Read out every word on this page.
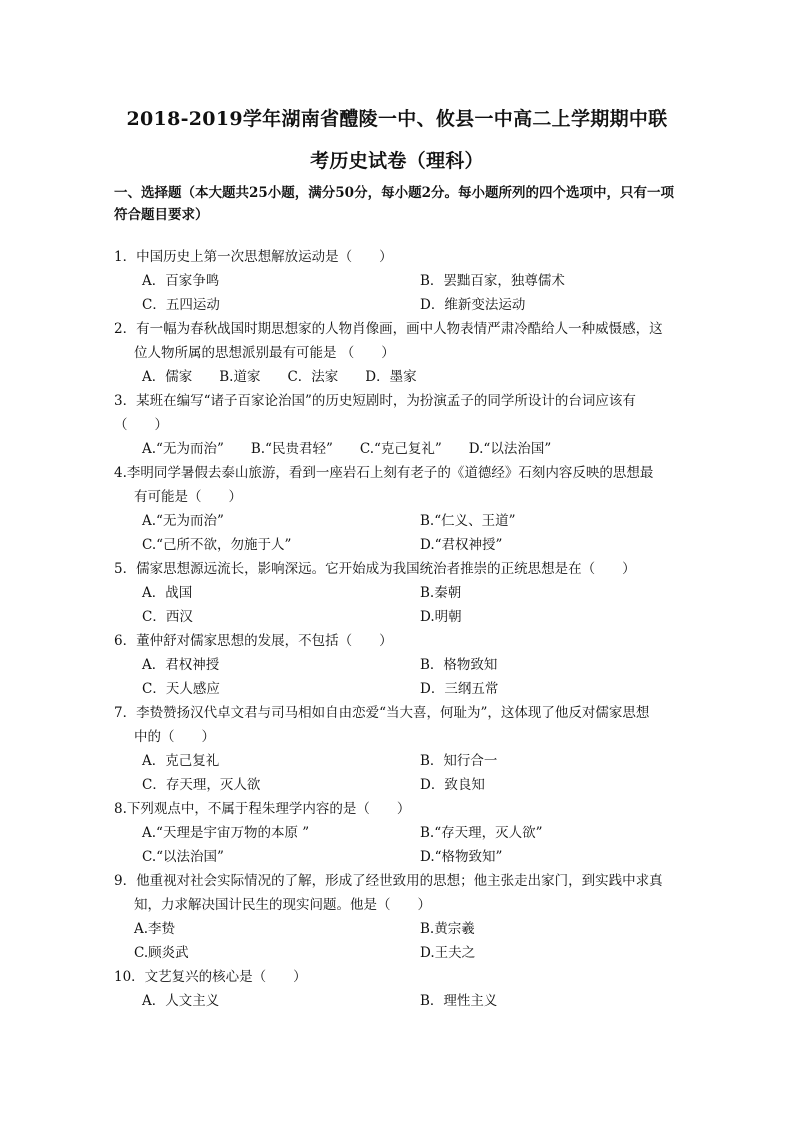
2018-2019学年湖南省醴陵一中、攸县一中高二上学期期中联
考历史试卷（理科）
一、选择题（本大题共25小题，满分50分，每小题2分。每小题所列的四个选项中，只有一项符合题目要求）
1．中国历史上第一次思想解放运动是（　　）
A．百家争鸣	B．罢黜百家，独尊儒术
C．五四运动	D．维新变法运动
2．有一幅为春秋战国时期思想家的人物肖像画，画中人物表情严肃冷酷给人一种威慑感，这
位人物所属的思想派别最有可能是 （　　）
A．儒家　　B.道家　　C．法家　　D．墨家
3．某班在编写“诸子百家论治国”的历史短剧时，为扮演孟子的同学所设计的台词应该有
（　　）
A.“无为而治”　　B.“民贵君轻”　　C.“克己复礼”　　D.“以法治国”
4.李明同学暑假去泰山旅游，看到一座岩石上刻有老子的《道德经》石刻内容反映的思想最
有可能是（　　）
A.“无为而治”	B.“仁义、王道”
C.“己所不欲，勿施于人”	D.“君权神授”
5．儒家思想源远流长，影响深远。它开始成为我国统治者推崇的正统思想是在（　　）
A．战国	B.秦朝
C．西汉	D.明朝
6．董仲舒对儒家思想的发展，不包括（　　）
A．君权神授	B．格物致知
C．天人感应	D．三纲五常
7．李贽赞扬汉代卓文君与司马相如自由恋爱“当大喜，何耻为”，这体现了他反对儒家思想
中的（　　）
A．克己复礼	B．知行合一
C．存天理，灭人欲	D．致良知
8.下列观点中，不属于程朱理学内容的是（　　）
A.“天理是宇宙万物的本原 ”	B.“存天理，灭人欲”
C.“以法治国”	D.“格物致知”
9．他重视对社会实际情况的了解，形成了经世致用的思想；他主张走出家门，到实践中求真
知，力求解决国计民生的现实问题。他是（　　）
A.李贽	B.黄宗羲
C.顾炎武	D.王夫之
10．文艺复兴的核心是（　　）
A．人文主义	B．理性主义
